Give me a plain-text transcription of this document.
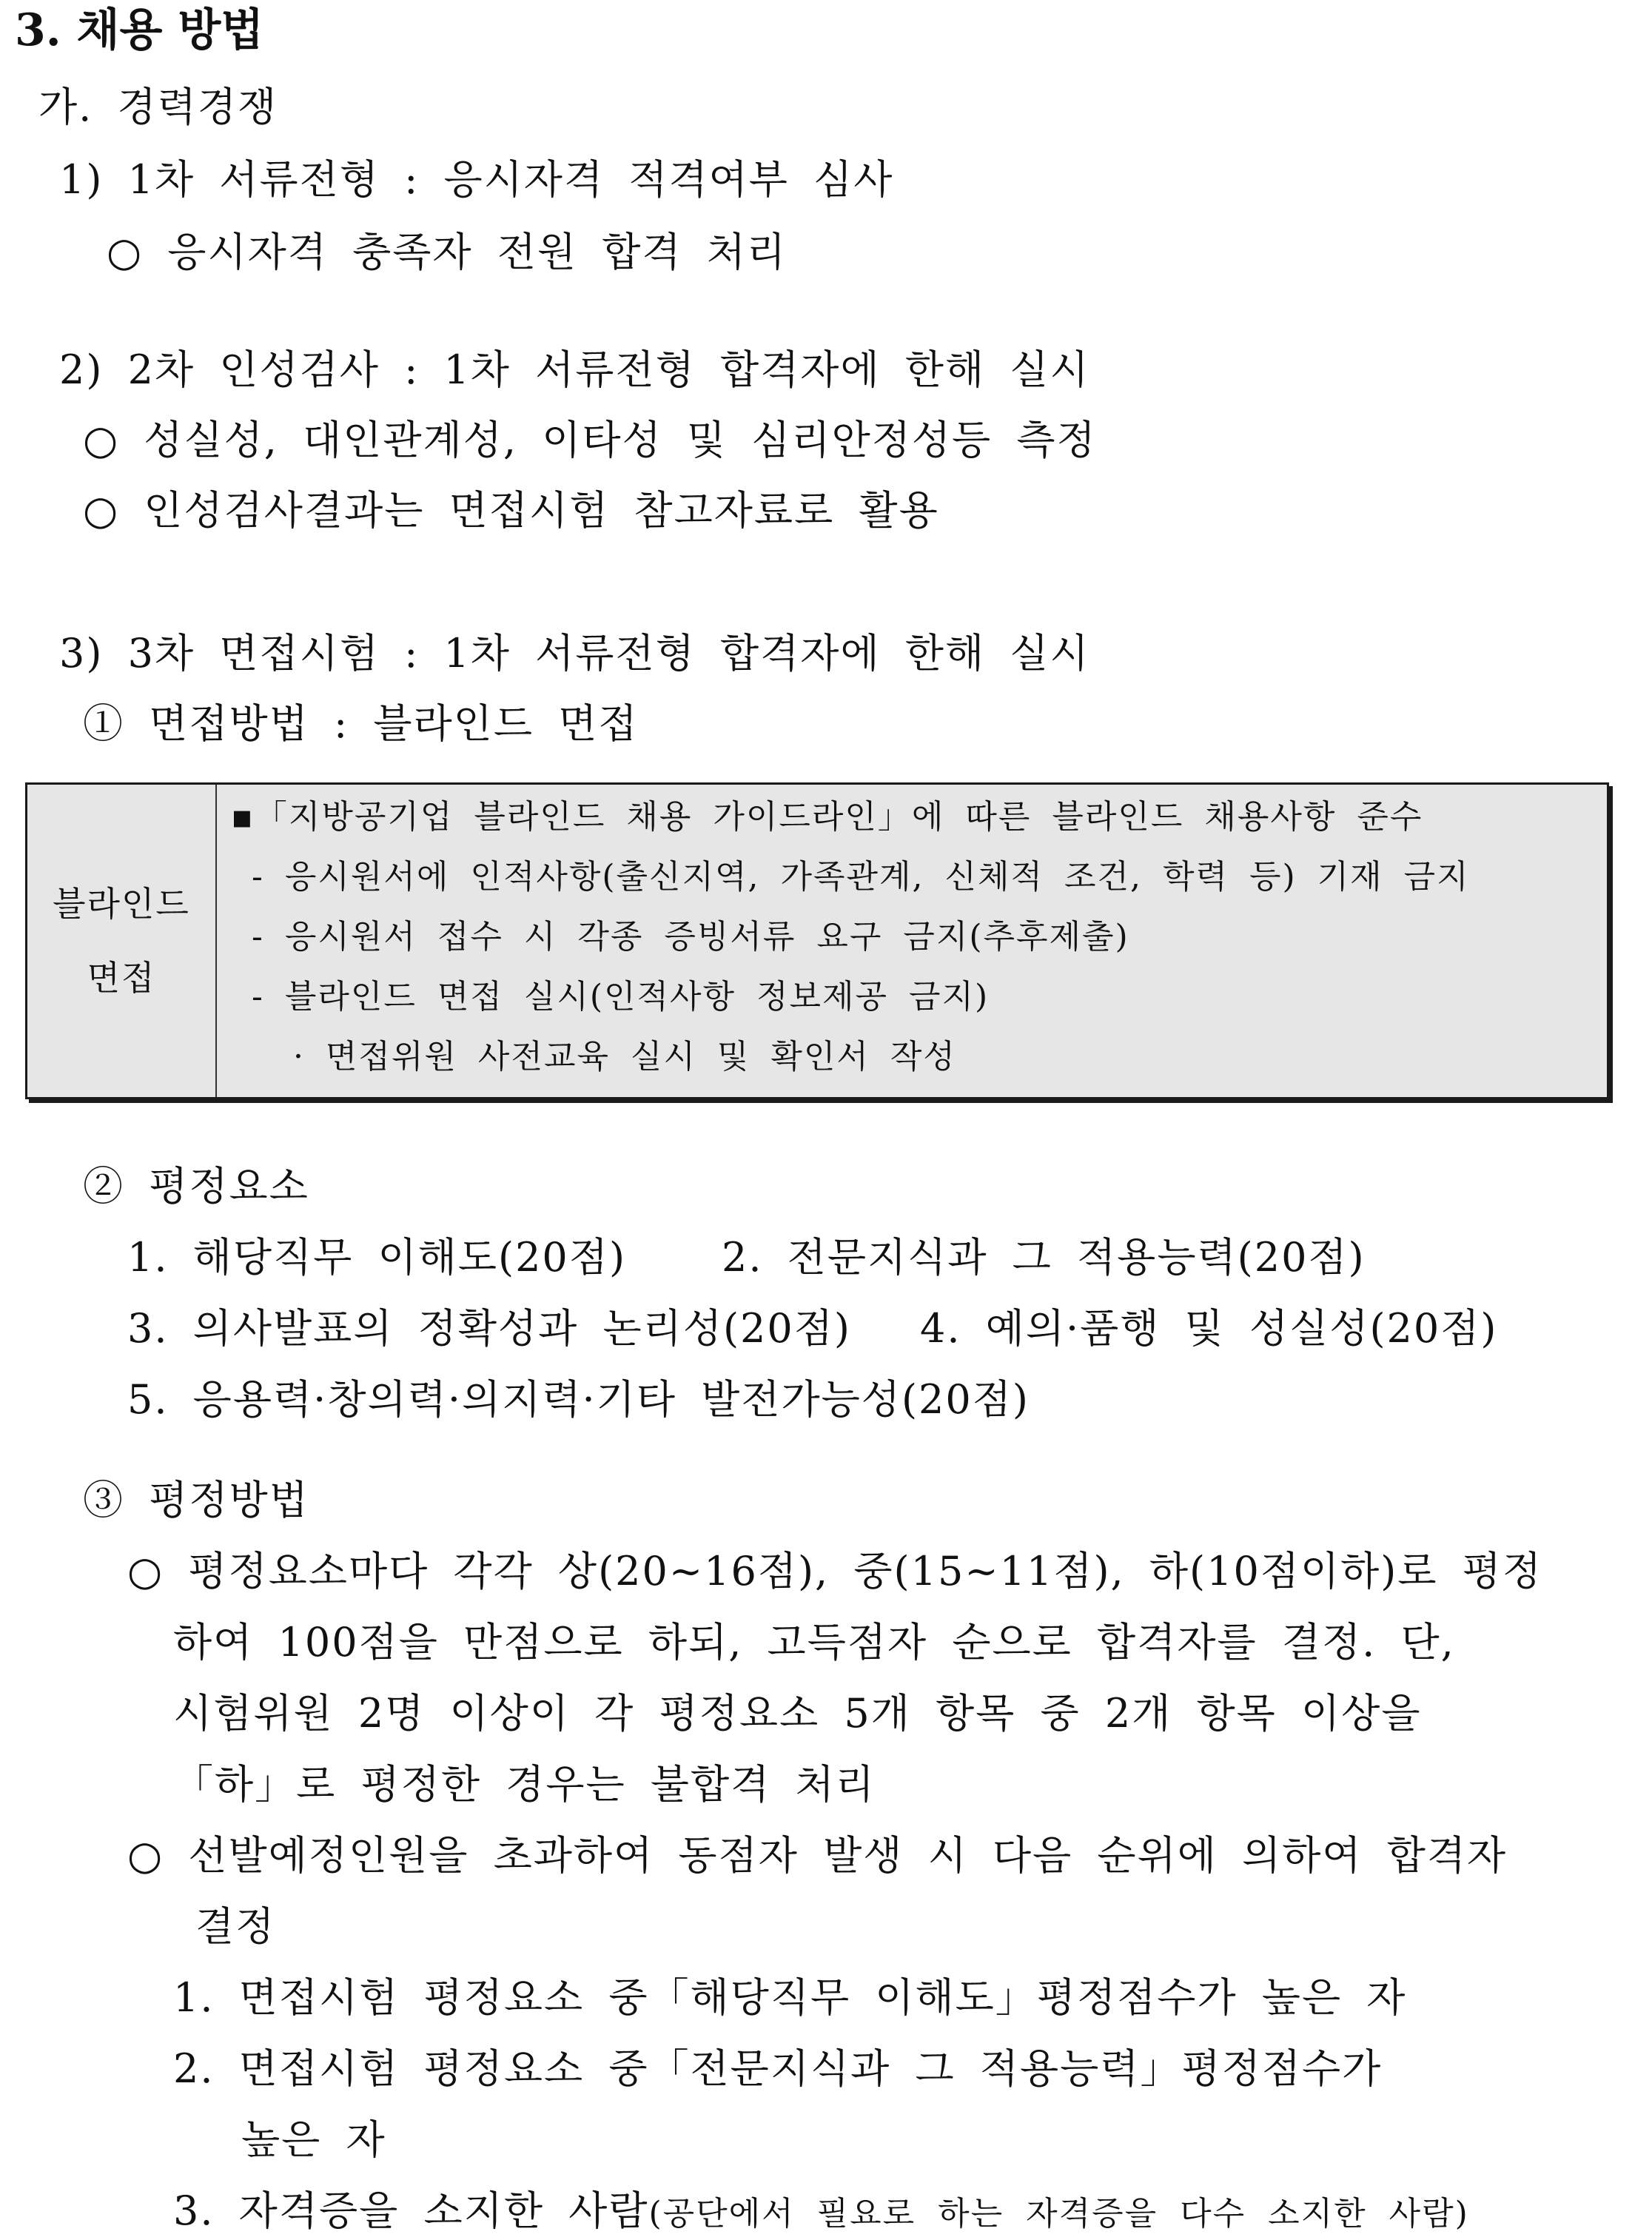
3. 채용 방법
가. 경력경쟁
1) 1차 서류전형 : 응시자격 적격여부 심사
○ 응시자격 충족자 전원 합격 처리
2) 2차 인성검사 : 1차 서류전형 합격자에 한해 실시
○ 성실성, 대인관계성, 이타성 및 심리안정성등 측정
○ 인성검사결과는 면접시험 참고자료로 활용
3) 3차 면접시험 : 1차 서류전형 합격자에 한해 실시
① 면접방법 : 블라인드 면접
블라인드
면접
▪「지방공기업 블라인드 채용 가이드라인」에 따른 블라인드 채용사항 준수
- 응시원서에 인적사항(출신지역, 가족관계, 신체적 조건, 학력 등) 기재 금지
- 응시원서 접수 시 각종 증빙서류 요구 금지(추후제출)
- 블라인드 면접 실시(인적사항 정보제공 금지)
· 면접위원 사전교육 실시 및 확인서 작성
② 평정요소
1. 해당직무 이해도(20점) 2. 전문지식과 그 적용능력(20점)
3. 의사발표의 정확성과 논리성(20점) 4. 예의·품행 및 성실성(20점)
5. 응용력·창의력·의지력·기타 발전가능성(20점)
③ 평정방법
○ 평정요소마다 각각 상(20~16점), 중(15~11점), 하(10점이하)로 평정
하여 100점을 만점으로 하되, 고득점자 순으로 합격자를 결정. 단,
시험위원 2명 이상이 각 평정요소 5개 항목 중 2개 항목 이상을
「하」로 평정한 경우는 불합격 처리
○ 선발예정인원을 초과하여 동점자 발생 시 다음 순위에 의하여 합격자
결정
1. 면접시험 평정요소 중「해당직무 이해도」평정점수가 높은 자
2. 면접시험 평정요소 중「전문지식과 그 적용능력」평정점수가
높은 자
3. 자격증을 소지한 사람(공단에서 필요로 하는 자격증을 다수 소지한 사람)
